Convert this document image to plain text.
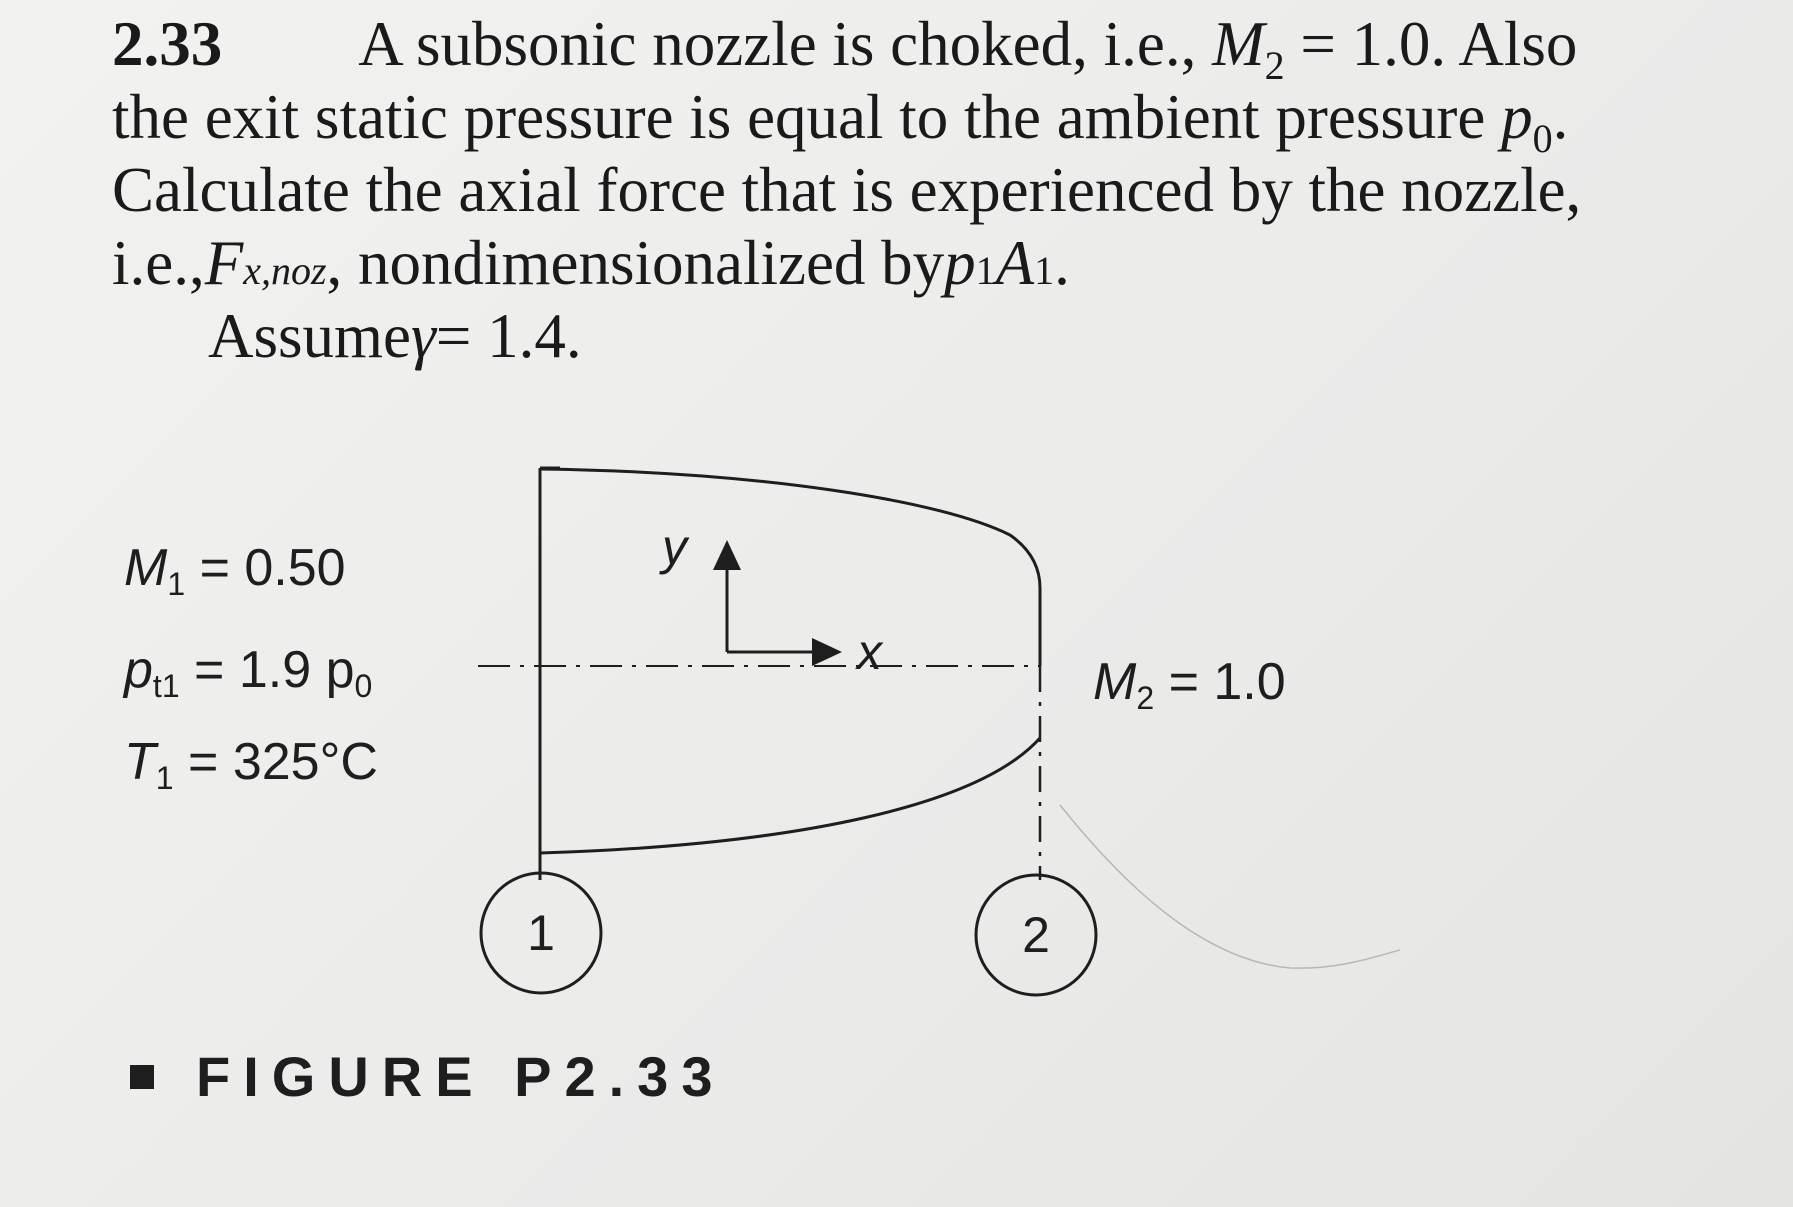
2.33 A subsonic nozzle is choked, i.e., $M_2 = 1.0$. Also
the exit static pressure is equal to the ambient pressure $p_0$.
Calculate the axial force that is experienced by the nozzle,
i.e., F x,noz , nondimensionalized by p 1 A 1 .
Assume γ = 1.4.
y
x
1	2
$M_1 = 0.50$
$p_{t1} = 1.9$ $p_0$
$T_1 = 325^\circ C$
$M_2 = 1.0$
FIGURE P2.33
